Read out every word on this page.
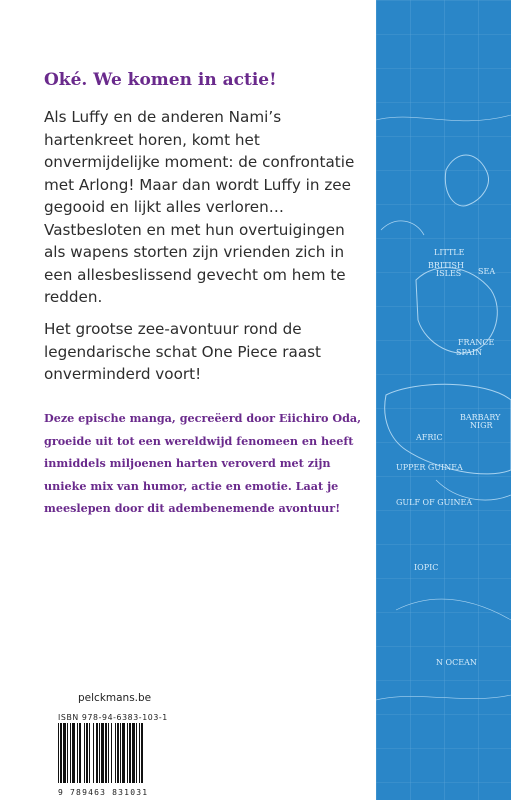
Oké. We komen in actie!
Als Luffy en de anderen Nami’s hartenkreet horen, komt het onvermijdelijke moment: de confrontatie met Arlong! Maar dan wordt Luffy in zee gegooid en lijkt alles verloren… Vastbesloten en met hun overtuigingen als wapens storten zijn vrienden zich in een allesbeslissend gevecht om hem te redden.
Het grootse zee-avontuur rond de legendarische schat One Piece raast onverminderd voort!
Deze epische manga, gecreëerd door Eiichiro Oda, groeide uit tot een wereldwijd fenomeen en heeft inmiddels miljoenen harten veroverd met zijn unieke mix van humor, actie en emotie. Laat je meeslepen door dit adembenemende avontuur!
pelckmans.be
ISBN 978-94-6383-103-1
9 789463 831031
LITTLE
BRITISH
ISLES SEA
FRANCE
SPAIN
BARBARY
NIGR
AFRIC
UPPER GUINEA
GULF OF GUINEA
IOPIC
N OCEAN
